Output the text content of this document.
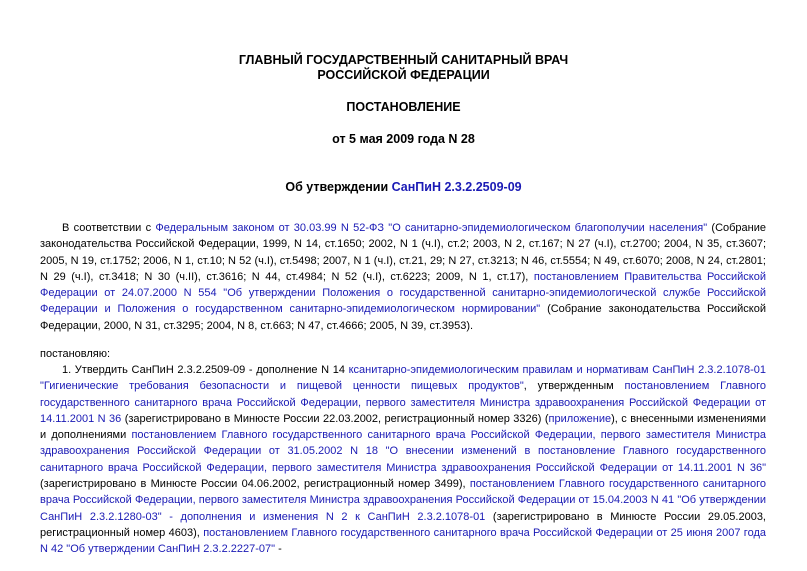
ГЛАВНЫЙ ГОСУДАРСТВЕННЫЙ САНИТАРНЫЙ ВРАЧ

РОССИЙСКОЙ ФЕДЕРАЦИИ

ПОСТАНОВЛЕНИЕ

от 5 мая 2009 года N 28

Об утверждении СанПиН 2.3.2.2509-09

В соответствии с Федеральным законом от 30.03.99 N 52-ФЗ "О санитарно-эпидемиологическом благополучии населения" (Собрание законодательства Российской Федерации, 1999, N 14, ст.1650; 2002, N 1 (ч.I), ст.2; 2003, N 2, ст.167; N 27 (ч.I), ст.2700; 2004, N 35, ст.3607; 2005, N 19, ст.1752; 2006, N 1, ст.10; N 52 (ч.I), ст.5498; 2007, N 1 (ч.I), ст.21, 29; N 27, ст.3213; N 46, ст.5554; N 49, ст.6070; 2008, N 24, ст.2801; N 29 (ч.I), ст.3418; N 30 (ч.II), ст.3616; N 44, ст.4984; N 52 (ч.I), ст.6223; 2009, N 1, ст.17), постановлением Правительства Российской Федерации от 24.07.2000 N 554 "Об утверждении Положения о государственной санитарно-эпидемиологической службе Российской Федерации и Положения о государственном санитарно-эпидемиологическом нормировании" (Собрание законодательства Российской Федерации, 2000, N 31, ст.3295; 2004, N 8, ст.663; N 47, ст.4666; 2005, N 39, ст.3953).

постановляю:

1. Утвердить СанПиН 2.3.2.2509-09 - дополнение N 14 ксанитарно-эпидемиологическим правилам и нормативам СанПиН 2.3.2.1078-01 "Гигиенические требования безопасности и пищевой ценности пищевых продуктов", утвержденным постановлением Главного государственного санитарного врача Российской Федерации, первого заместителя Министра здравоохранения Российской Федерации от 14.11.2001 N 36 (зарегистрировано в Минюсте России 22.03.2002, регистрационный номер 3326) (приложение), с внесенными изменениями и дополнениями постановлением Главного государственного санитарного врача Российской Федерации, первого заместителя Министра здравоохранения Российской Федерации от 31.05.2002 N 18 "О внесении изменений в постановление Главного государственного санитарного врача Российской Федерации, первого заместителя Министра здравоохранения Российской Федерации от 14.11.2001 N 36" (зарегистрировано в Минюсте России 04.06.2002, регистрационный номер 3499), постановлением Главного государственного санитарного врача Российской Федерации, первого заместителя Министра здравоохранения Российской Федерации от 15.04.2003 N 41 "Об утверждении СанПиН 2.3.2.1280-03" - дополнения и изменения N 2 к СанПиН 2.3.2.1078-01 (зарегистрировано в Минюсте России 29.05.2003, регистрационный номер 4603), постановлением Главного государственного санитарного врача Российской Федерации от 25 июня 2007 года N 42 "Об утверждении СанПиН 2.3.2.2227-07" -
